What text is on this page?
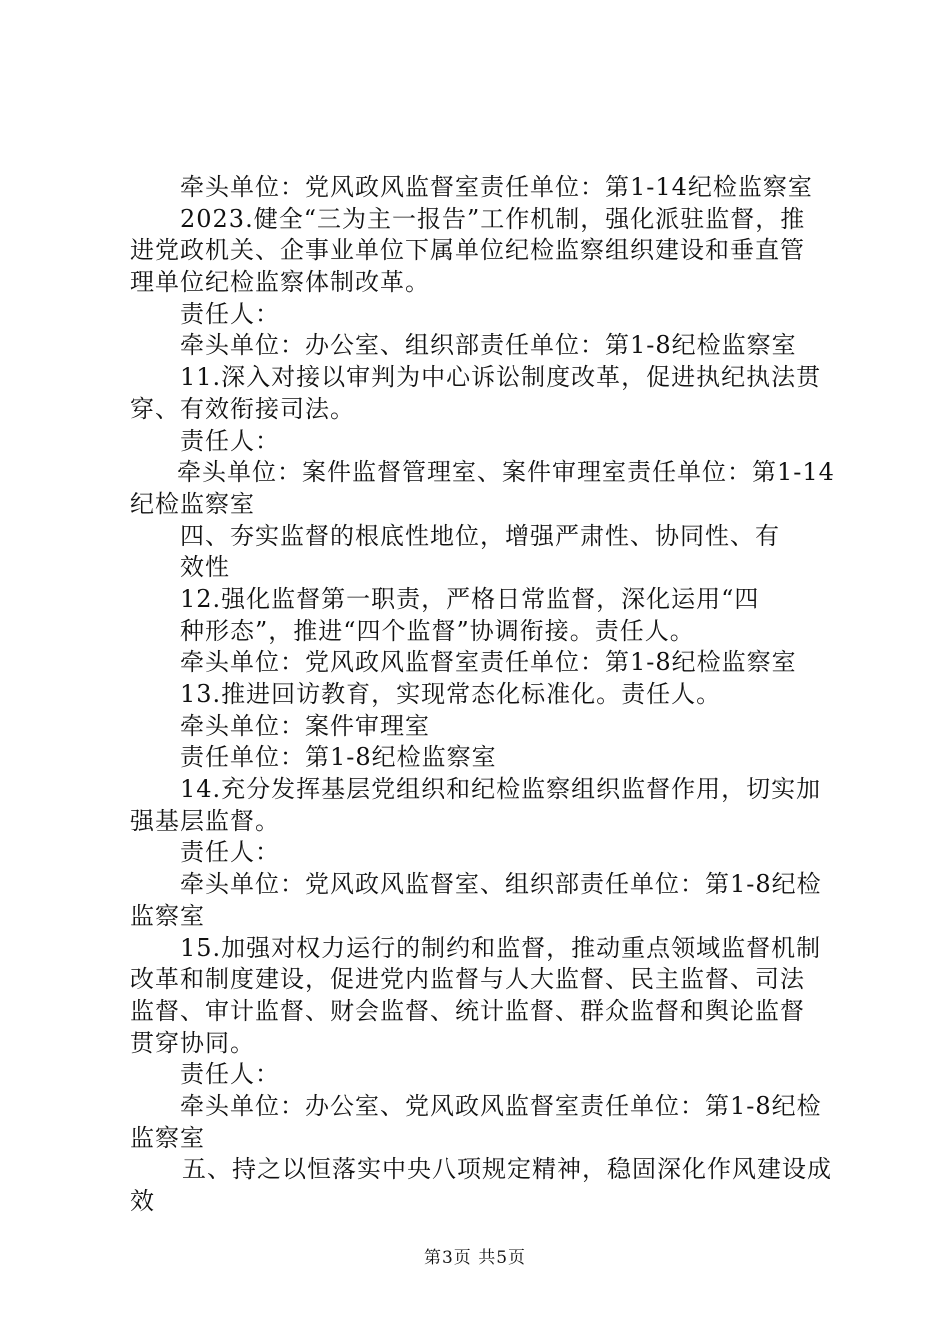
牵头单位：党风政风监督室责任单位：第1-14纪检监察室
2023.健全“三为主一报告”工作机制，强化派驻监督，推
进党政机关、企事业单位下属单位纪检监察组织建设和垂直管
理单位纪检监察体制改革。
责任人：
牵头单位：办公室、组织部责任单位：第1-8纪检监察室
11.深入对接以审判为中心诉讼制度改革，促进执纪执法贯
穿、有效衔接司法。
责任人：
牵头单位：案件监督管理室、案件审理室责任单位：第1-14
纪检监察室
四、夯实监督的根底性地位，增强严肃性、协同性、有
效性
12.强化监督第一职责，严格日常监督，深化运用“四
种形态”，推进“四个监督”协调衔接。责任人。
牵头单位：党风政风监督室责任单位：第1-8纪检监察室
13.推进回访教育，实现常态化标准化。责任人。
牵头单位：案件审理室
责任单位：第1-8纪检监察室
14.充分发挥基层党组织和纪检监察组织监督作用，切实加
强基层监督。
责任人：
牵头单位：党风政风监督室、组织部责任单位：第1-8纪检
监察室
15.加强对权力运行的制约和监督，推动重点领域监督机制
改革和制度建设，促进党内监督与人大监督、民主监督、司法
监督、审计监督、财会监督、统计监督、群众监督和舆论监督
贯穿协同。
责任人：
牵头单位：办公室、党风政风监督室责任单位：第1-8纪检
监察室
五、持之以恒落实中央八项规定精神，稳固深化作风建设成
效
第3页 共5页
